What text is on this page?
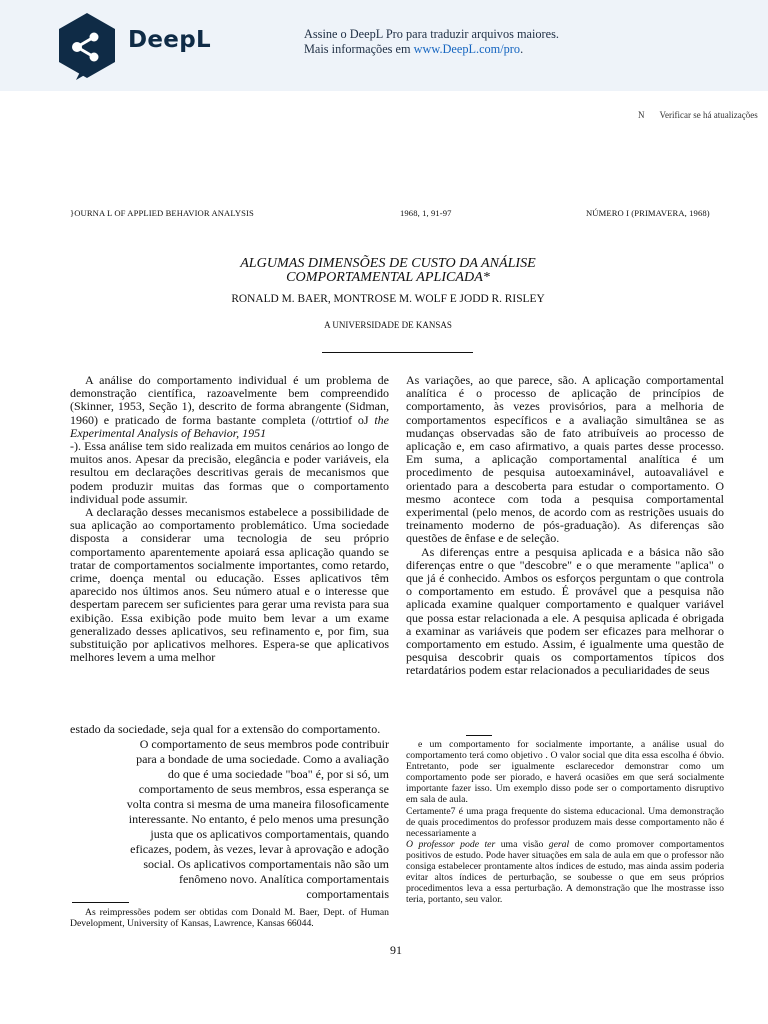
DeepL	Assine o DeepL Pro para traduzir arquivos maiores.
Mais informações em www.DeepL.com/pro.
N Verificar se há atualizações
}OURNA L OF APPLIED BEHAVIOR ANALYSIS	1968, 1, 91-97	NÚMERO I (PRIMAVERA, 1968)
ALGUMAS DIMENSÕES DE CUSTO DA ANÁLISE
COMPORTAMENTAL APLICADA*
RONALD M. BAER, MONTROSE M. WOLF E JODD R. RISLEY
A UNIVERSIDADE DE KANSAS

A análise do comportamento individual é um problema de demonstração científica, razoavelmente bem compreendido (Skinner, 1953, Seção 1), descrito de forma abrangente (Sidman, 1960) e praticado de forma bastante completa (/ottrtiof oJ the Experimental Analysis of Behavior, 1951

-). Essa análise tem sido realizada em muitos cenários ao longo de muitos anos. Apesar da precisão, elegância e poder variáveis, ela resultou em declarações descritivas gerais de mecanismos que podem produzir muitas das formas que o comportamento individual pode assumir.

A declaração desses mecanismos estabelece a possibilidade de sua aplicação ao comportamento problemático. Uma sociedade disposta a considerar uma tecnologia de seu próprio comportamento aparentemente apoiará essa aplicação quando se tratar de comportamentos socialmente importantes, como retardo, crime, doença mental ou educação. Esses aplicativos têm aparecido nos últimos anos. Seu número atual e o interesse que despertam parecem ser suficientes para gerar uma revista para sua exibição. Essa exibição pode muito bem levar a um exame generalizado desses aplicativos, seu refinamento e, por fim, sua substituição por aplicativos melhores. Espera-se que aplicativos melhores levem a uma melhor

estado da sociedade, seja qual for a extensão do comportamento.
O comportamento de seus membros pode contribuir
para a bondade de uma sociedade. Como a avaliação
do que é uma sociedade "boa" é, por si só, um
comportamento de seus membros, essa esperança se
volta contra si mesma de uma maneira filosoficamente
interessante. No entanto, é pelo menos uma presunção
justa que os aplicativos comportamentais, quando
eficazes, podem, às vezes, levar à aprovação e adoção
social. Os aplicativos comportamentais não são um
fenômeno novo. Analítica comportamentais
comportamentais

As reimpressões podem ser obtidas com Donald M. Baer, Dept. of Human Development, University of Kansas, Lawrence, Kansas 66044.

As variações, ao que parece, são. A aplicação comportamental analítica é o processo de aplicação de princípios de comportamento, às vezes provisórios, para a melhoria de comportamentos específicos e a avaliação simultânea se as mudanças observadas são de fato atribuíveis ao processo de aplicação e, em caso afirmativo, a quais partes desse processo. Em suma, a aplicação comportamental analítica é um procedimento de pesquisa autoexaminável, autoavaliável e orientado para a descoberta para estudar o comportamento. O mesmo acontece com toda a pesquisa comportamental experimental (pelo menos, de acordo com as restrições usuais do treinamento moderno de pós-graduação). As diferenças são questões de ênfase e de seleção.

As diferenças entre a pesquisa aplicada e a básica não são diferenças entre o que "descobre" e o que meramente "aplica" o que já é conhecido. Ambos os esforços perguntam o que controla o comportamento em estudo. É provável que a pesquisa não aplicada examine qualquer comportamento e qualquer variável que possa estar relacionada a ele. A pesquisa aplicada é obrigada a examinar as variáveis que podem ser eficazes para melhorar o comportamento em estudo. Assim, é igualmente uma questão de pesquisa descobrir quais os comportamentos típicos dos retardatários podem estar relacionados a peculiaridades de seus

e um comportamento for socialmente importante, a análise usual do comportamento terá como objetivo . O valor social que dita essa escolha é óbvio. Entretanto, pode ser igualmente esclarecedor demonstrar como um comportamento pode ser piorado, e haverá ocasiões em que será socialmente importante fazer isso. Um exemplo disso pode ser o comportamento disruptivo em sala de aula.

Certamente7 é uma praga frequente do sistema educacional. Uma demonstração de quais procedimentos do professor produzem mais desse comportamento não é necessariamente a

O professor pode ter uma visão geral de como promover comportamentos positivos de estudo. Pode haver situações em sala de aula em que o professor não consiga estabelecer prontamente altos índices de estudo, mas ainda assim poderia evitar altos índices de perturbação, se soubesse o que em seus próprios procedimentos leva a essa perturbação. A demonstração que lhe mostrasse isso teria, portanto, seu valor.

91
